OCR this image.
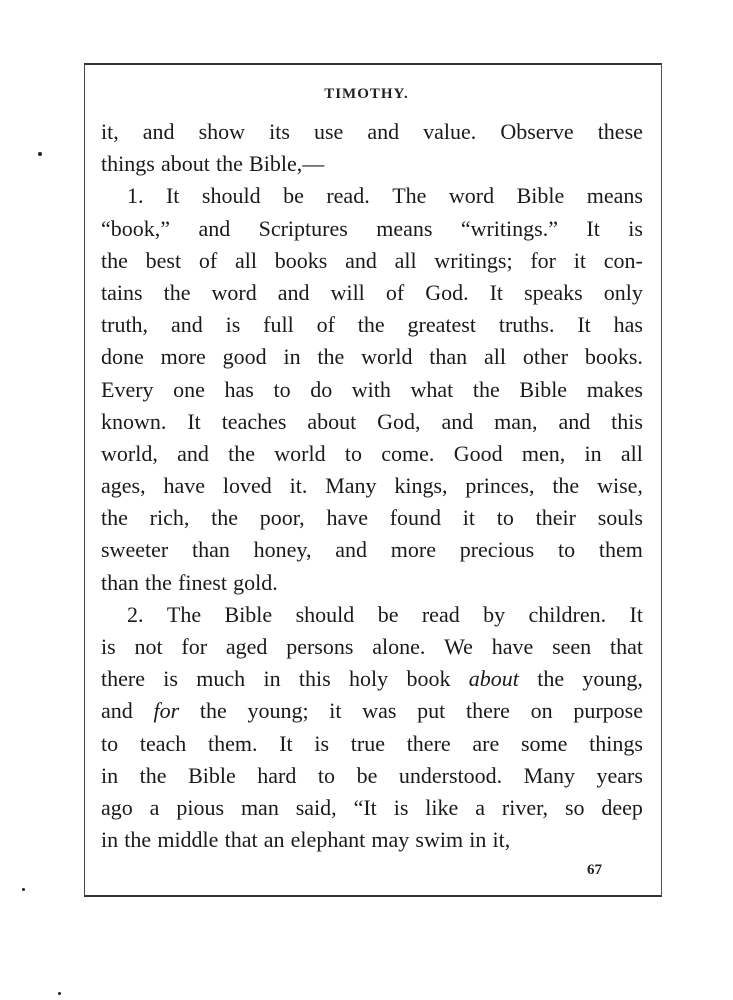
TIMOTHY.
it, and show its use and value. Observe these
things about the Bible,—
1. It should be read. The word Bible means
“book,” and Scriptures means “writings.” It is
the best of all books and all writings; for it con-
tains the word and will of God. It speaks only
truth, and is full of the greatest truths. It has
done more good in the world than all other books.
Every one has to do with what the Bible makes
known. It teaches about God, and man, and this
world, and the world to come. Good men, in all
ages, have loved it. Many kings, princes, the wise,
the rich, the poor, have found it to their souls
sweeter than honey, and more precious to them
than the finest gold.
2. The Bible should be read by children. It
is not for aged persons alone. We have seen that
there is much in this holy book about the young,
and for the young; it was put there on purpose
to teach them. It is true there are some things
in the Bible hard to be understood. Many years
ago a pious man said, “It is like a river, so deep
in the middle that an elephant may swim in it,
67
